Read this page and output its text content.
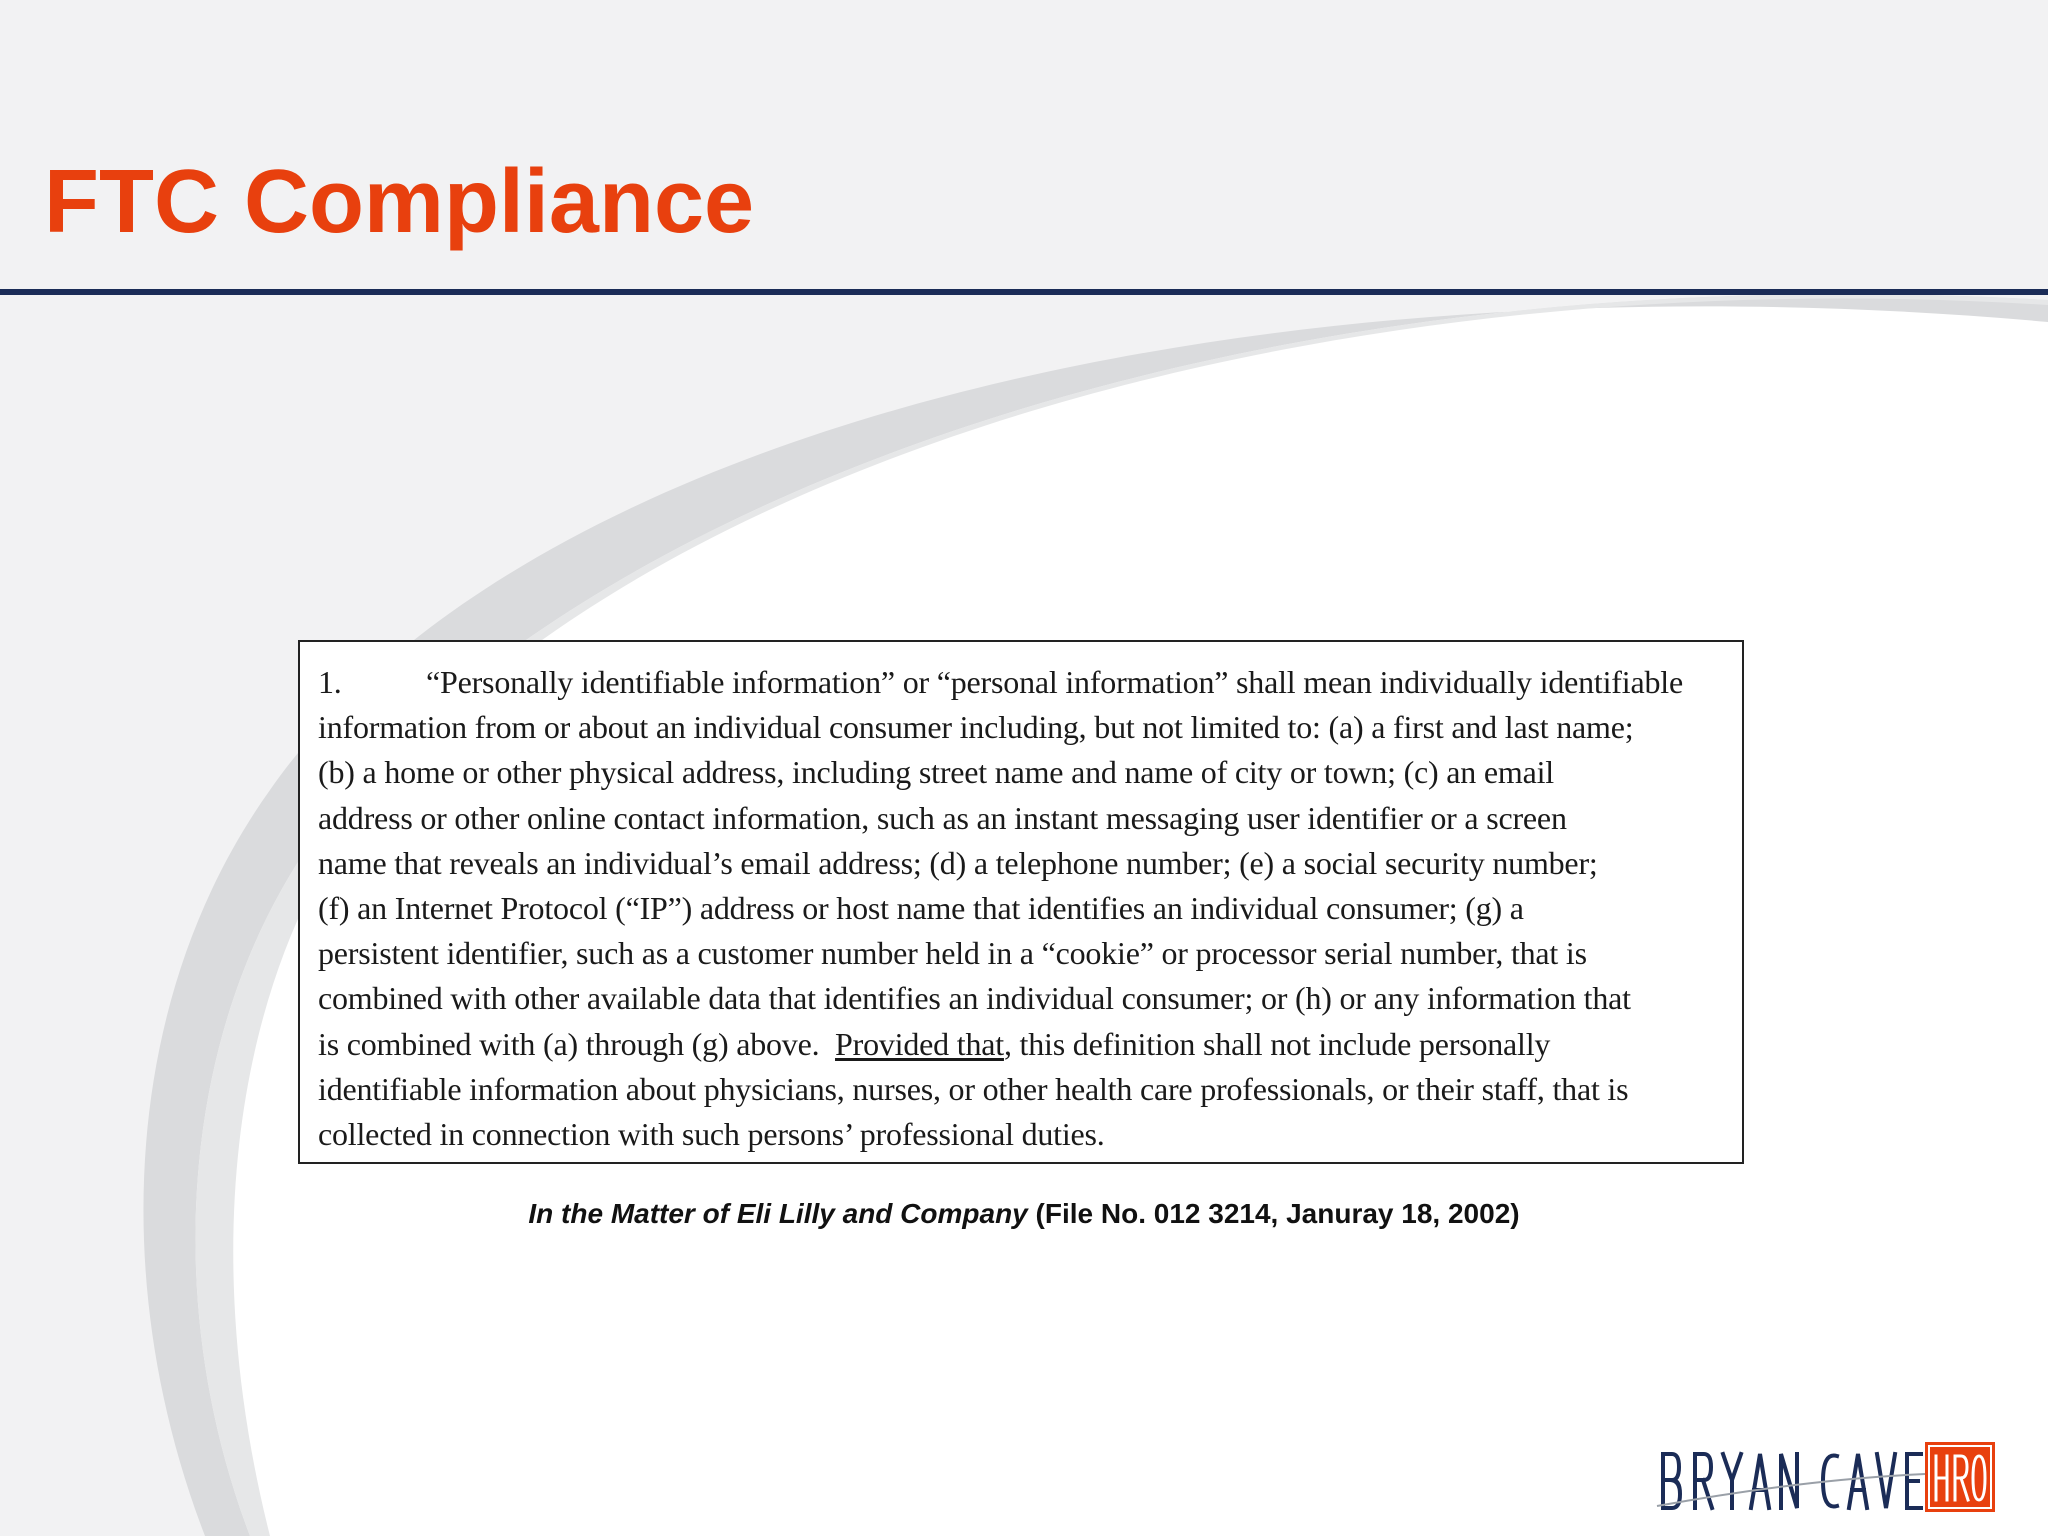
FTC Compliance
1.	“Personally identifiable information” or “personal information” shall mean individually identifiable
information from or about an individual consumer including, but not limited to: (a) a first and last name;
(b) a home or other physical address, including street name and name of city or town; (c) an email
address or other online contact information, such as an instant messaging user identifier or a screen
name that reveals an individual’s email address; (d) a telephone number; (e) a social security number;
(f) an Internet Protocol (“IP”) address or host name that identifies an individual consumer; (g) a
persistent identifier, such as a customer number held in a “cookie” or processor serial number, that is
combined with other available data that identifies an individual consumer; or (h) or any information that
is combined with (a) through (g) above.  Provided that, this definition shall not include personally
identifiable information about physicians, nurses, or other health care professionals, or their staff, that is
collected in connection with such persons’ professional duties.
In the Matter of Eli Lilly and Company (File No. 012 3214, Januray 18, 2002)
